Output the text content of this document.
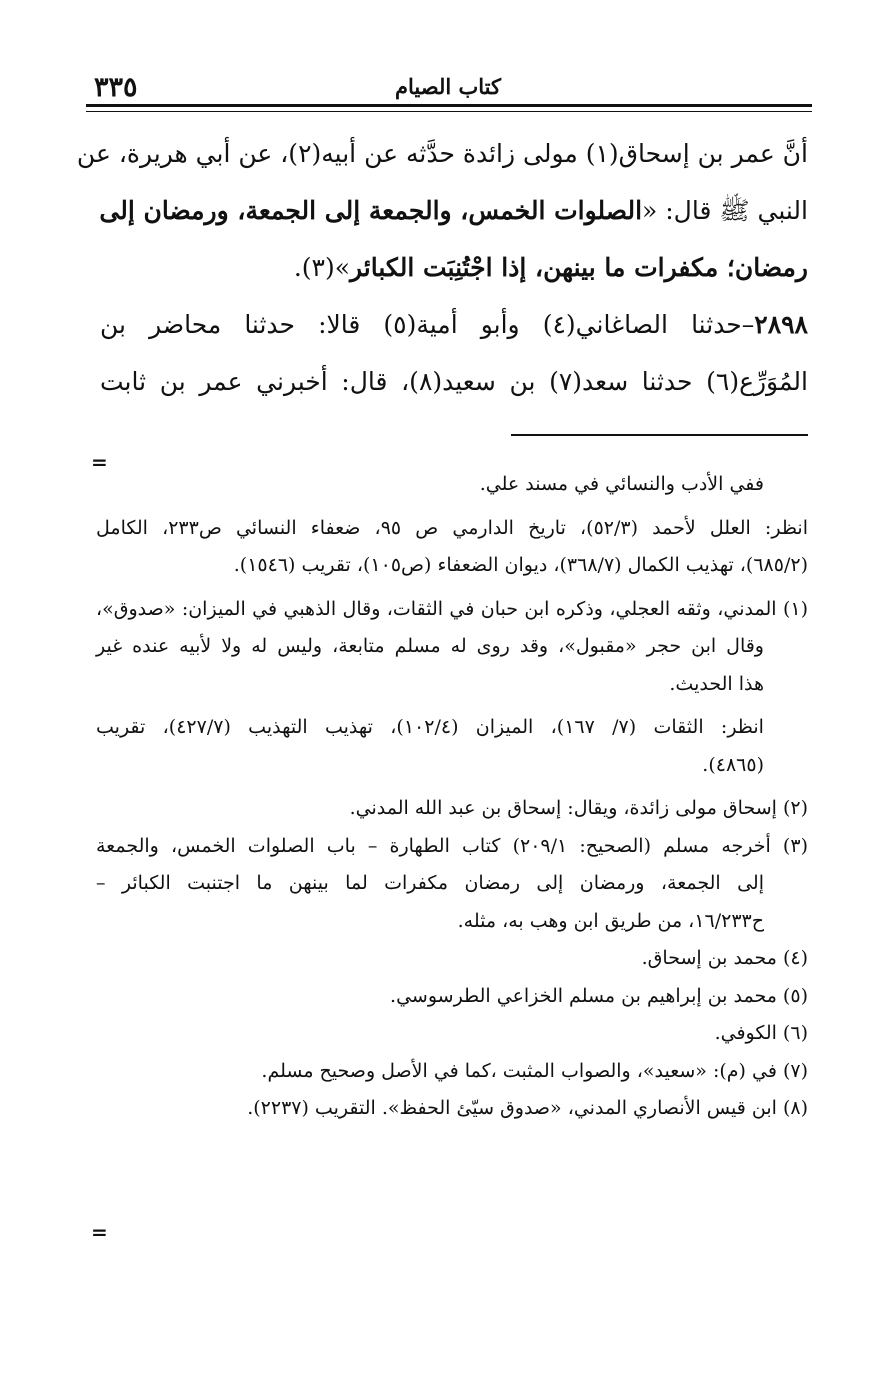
٣٣٥	كتاب الصيام
أنَّ عمر بن إسحاق(١) مولى زائدة حدَّثه عن أبيه(٢)، عن أبي هريرة، عن
النبي ﷺ قال: «الصلوات الخمس، والجمعة إلى الجمعة، ورمضان إلى
رمضان؛ مكفرات ما بينهن، إذا اجْتُنِبَت الكبائر»(٣).
٢٨٩٨–حدثنا الصاغاني(٤) وأبو أمية(٥) قالا: حدثنا محاضر بن
المُوَرِّع(٦) حدثنا سعد(٧) بن سعيد(٨)، قال: أخبرني عمر بن ثابت
=
ففي الأدب والنسائي في مسند علي.
انظر: العلل لأحمد (٥٢/٣)، تاريخ الدارمي ص ٩٥، ضعفاء النسائي ص٢٣٣، الكامل
(٦٨٥/٢)، تهذيب الكمال (٣٦٨/٧)، ديوان الضعفاء (ص١٠٥)، تقريب (١٥٤٦).
(١) المدني، وثقه العجلي، وذكره ابن حبان في الثقات، وقال الذهبي في الميزان: «صدوق»،
وقال ابن حجر «مقبول»، وقد روى له مسلم متابعة، وليس له ولا لأبيه عنده غير
هذا الحديث.
انظر: الثقات (٧/ ١٦٧)، الميزان (١٠٢/٤)، تهذيب التهذيب (٤٢٧/٧)، تقريب
(٤٨٦٥).
(٢) إسحاق مولى زائدة، ويقال: إسحاق بن عبد الله المدني.
(٣) أخرجه مسلم (الصحيح: ٢٠٩/١) كتاب الطهارة – باب الصلوات الخمس، والجمعة
إلى الجمعة، ورمضان إلى رمضان مكفرات لما بينهن ما اجتنبت الكبائر –
ح١٦/٢٣٣، من طريق ابن وهب به، مثله.
(٤) محمد بن إسحاق.
(٥) محمد بن إبراهيم بن مسلم الخزاعي الطرسوسي.
(٦) الكوفي.
(٧) في (م): «سعيد»، والصواب المثبت ،كما في الأصل وصحيح مسلم.
(٨) ابن قيس الأنصاري المدني، «صدوق سيّئ الحفظ». التقريب (٢٢٣٧).
=
